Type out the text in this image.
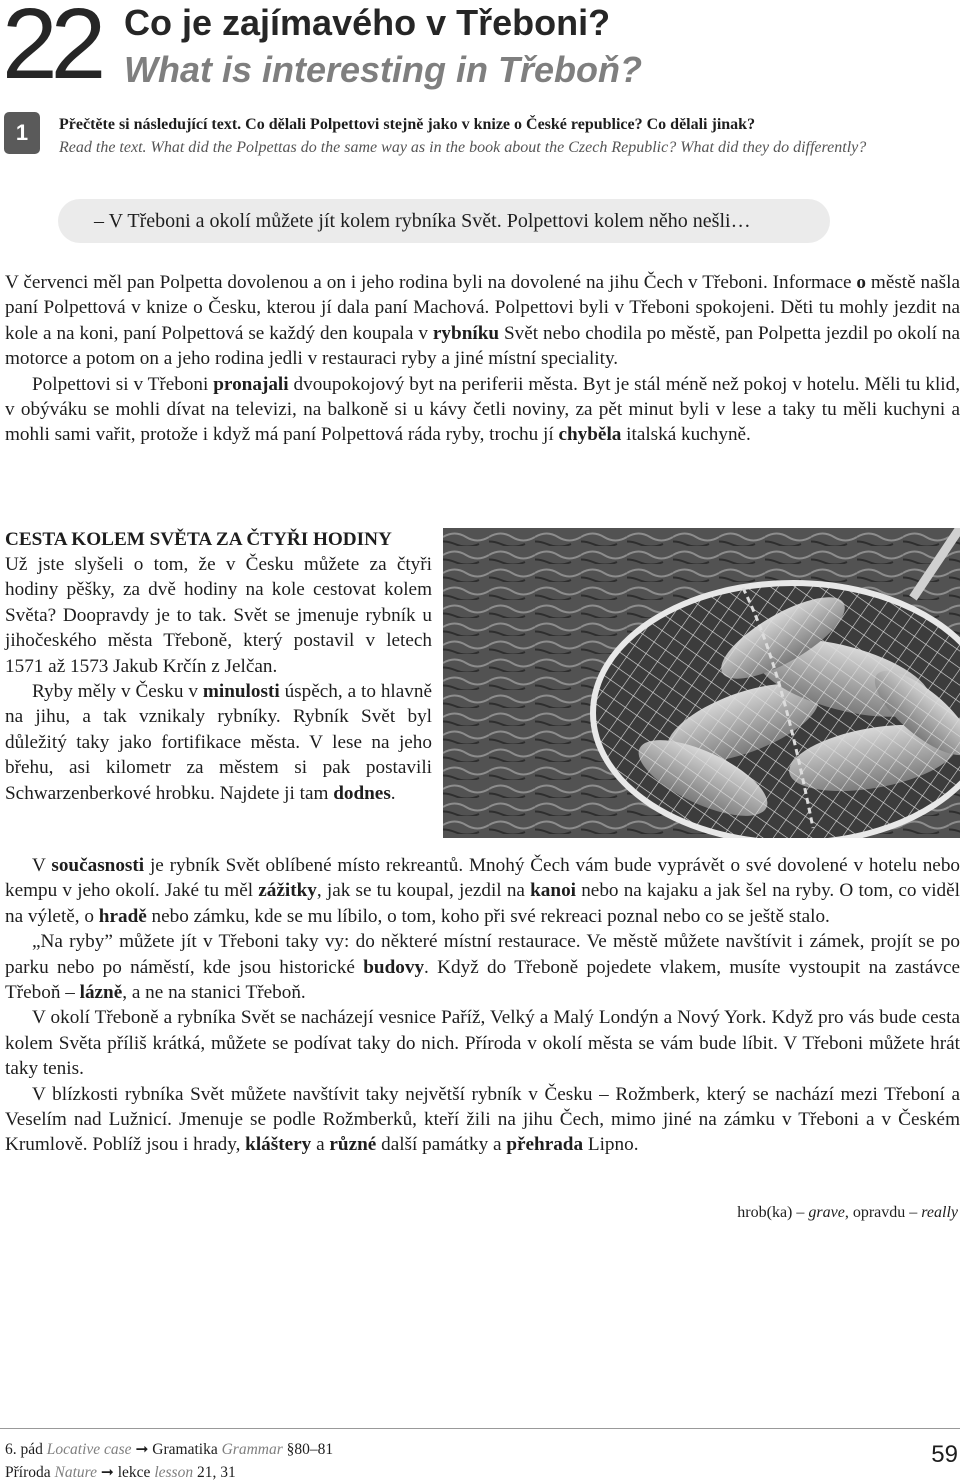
22 Co je zajímavého v Třeboni?
What is interesting in Třeboň?
1	Přečtěte si následující text. Co dělali Polpettovi stejně jako v knize o České republice? Co dělali jinak?
Read the text. What did the Polpettas do the same way as in the book about the Czech Republic? What did they do differently?
– V Třeboni a okolí můžete jít kolem rybníka Svět. Polpettovi kolem něho nešli…

V červenci měl pan Polpetta dovolenou a on i jeho rodina byli na dovolené na jihu Čech v Třeboni. Informace o městě našla paní Polpettová v knize o Česku, kterou jí dala paní Machová. Polpettovi byli v Třeboni spokojeni. Děti tu mohly jezdit na kole a na koni, paní Polpettová se každý den koupala v rybníku Svět nebo chodila po městě, pan Polpetta jezdil po okolí na motorce a potom on a jeho rodina jedli v restauraci ryby a jiné místní speciality.

Polpettovi si v Třeboni pronajali dvoupokojový byt na periferii města. Byt je stál méně než pokoj v hotelu. Měli tu klid, v obýváku se mohli dívat na televizi, na balkoně si u kávy četli noviny, za pět minut byli v lese a taky tu měli kuchyni a mohli sami vařit, protože i když má paní Polpettová ráda ryby, trochu jí chyběla italská kuchyně.

CESTA KOLEM SVĚTA ZA ČTYŘI HODINY

Už jste slyšeli o tom, že v Česku můžete za čtyři hodiny pěšky, za dvě hodiny na kole cestovat kolem Světa? Doopravdy je to tak. Svět se jmenuje rybník u jihočeského města Třeboně, který postavil v letech 1571 až 1573 Jakub Krčín z Jelčan.

Ryby měly v Česku v minulosti úspěch, a to hlavně na jihu, a tak vznikaly rybníky. Rybník Svět byl důležitý taky jako fortifikace města. V lese na jeho břehu, asi kilometr za městem si pak postavili Schwarzenberkové hrobku. Najdete ji tam dodnes.

V současnosti je rybník Svět oblíbené místo rekreantů. Mnohý Čech vám bude vyprávět o své dovolené v hotelu nebo kempu v jeho okolí. Jaké tu měl zážitky, jak se tu koupal, jezdil na kanoi nebo na kajaku a jak šel na ryby. O tom, co viděl na výletě, o hradě nebo zámku, kde se mu líbilo, o tom, koho při své rekreaci poznal nebo co se ještě stalo.

„Na ryby” můžete jít v Třeboni taky vy: do některé místní restaurace. Ve městě můžete navštívit i zámek, projít se po parku nebo po náměstí, kde jsou historické budovy. Když do Třeboně pojedete vlakem, musíte vystoupit na zastávce Třeboň – lázně, a ne na stanici Třeboň.

V okolí Třeboně a rybníka Svět se nacházejí vesnice Paříž, Velký a Malý Londýn a Nový York. Když pro vás bude cesta kolem Světa příliš krátká, můžete se podívat taky do nich. Příroda v okolí města se vám bude líbit. V Třeboni můžete hrát taky tenis.

V blízkosti rybníka Svět můžete navštívit taky největší rybník v Česku – Rožmberk, který se nachází mezi Třeboní a Veselím nad Lužnicí. Jmenuje se podle Rožmberků, kteří žili na jihu Čech, mimo jiné na zámku v Třeboni a v Českém Krumlově. Poblíž jsou i hrady, kláštery a různé další památky a přehrada Lipno.

hrob(ka) – grave, opravdu – really
6. pád Locative case ➞ Gramatika Grammar §80–81
Příroda Nature ➞ lekce lesson 21, 31
59
